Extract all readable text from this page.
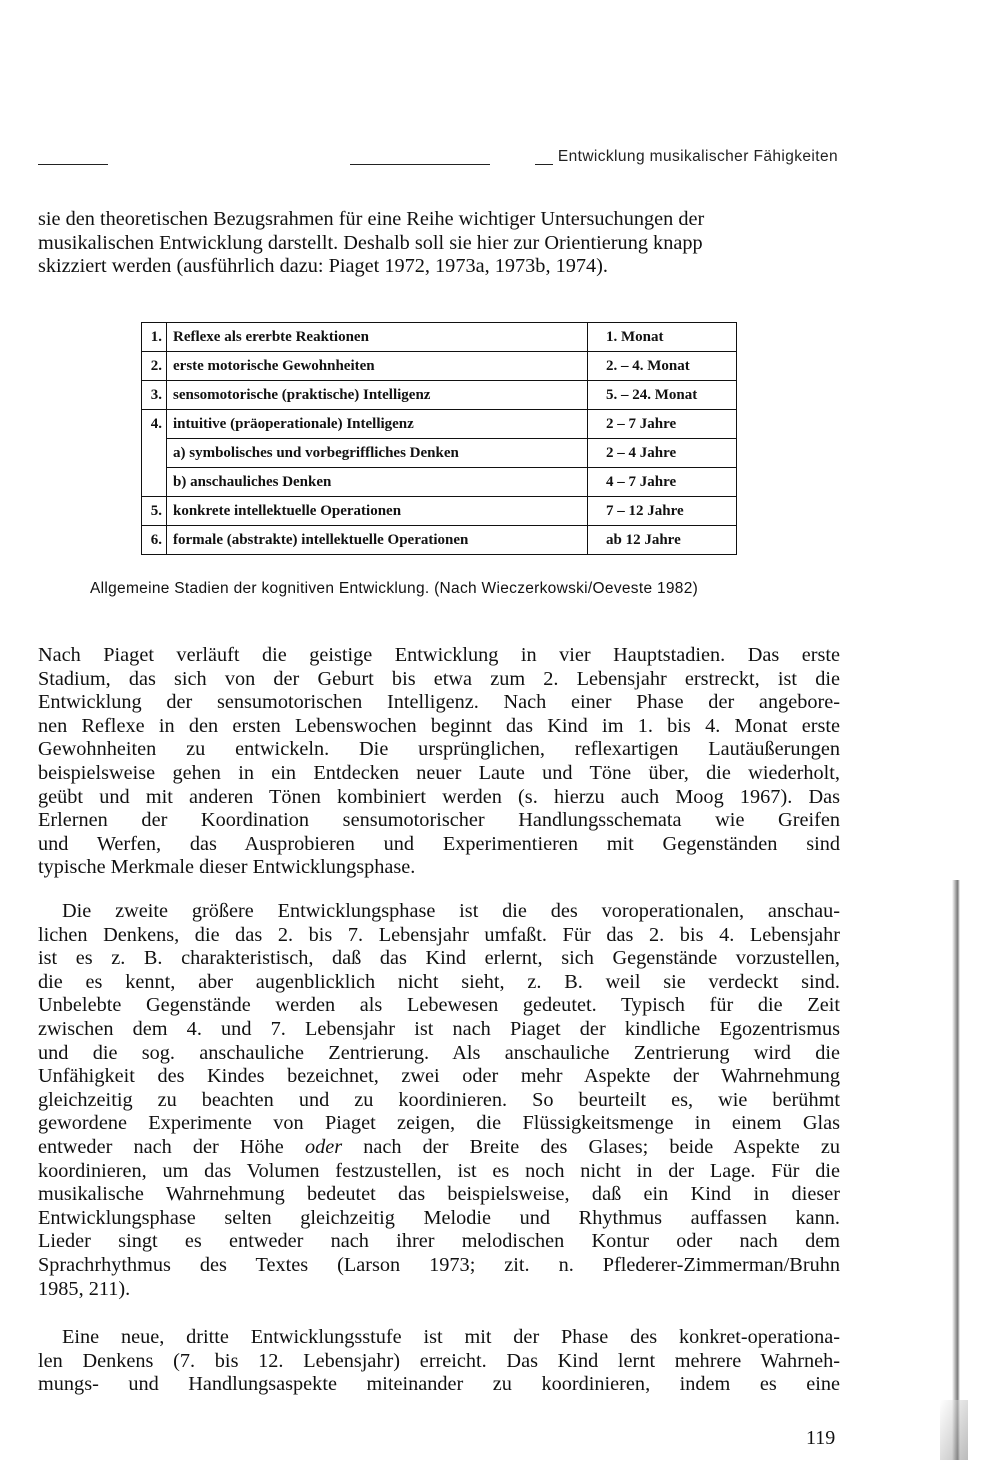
Entwicklung musikalischer Fähigkeiten
sie den theoretischen Bezugsrahmen für eine Reihe wichtiger Untersuchungen der
musikalischen Entwicklung darstellt. Deshalb soll sie hier zur Orientierung knapp
skizziert werden (ausführlich dazu: Piaget 1972, 1973a, 1973b, 1974).
1.	Reflexe als ererbte Reaktionen	1. Monat
2.	erste motorische Gewohnheiten	2. – 4. Monat
3.	sensomotorische (praktische) Intelligenz	5. – 24. Monat
4.	intuitive (präoperationale) Intelligenz	2 – 7 Jahre
	a) symbolisches und vorbegriffliches Denken	2 – 4 Jahre
	b) anschauliches Denken	4 – 7 Jahre
5.	konkrete intellektuelle Operationen	7 – 12 Jahre
6.	formale (abstrakte) intellektuelle Operationen	ab 12 Jahre
Allgemeine Stadien der kognitiven Entwicklung. (Nach Wieczerkowski/Oeveste 1982)
Nach Piaget verläuft die geistige Entwicklung in vier Hauptstadien. Das erste
Stadium, das sich von der Geburt bis etwa zum 2. Lebensjahr erstreckt, ist die
Entwicklung der sensumotorischen Intelligenz. Nach einer Phase der angebore-
nen Reflexe in den ersten Lebenswochen beginnt das Kind im 1. bis 4. Monat erste
Gewohnheiten zu entwickeln. Die ursprünglichen, reflexartigen Lautäußerungen
beispielsweise gehen in ein Entdecken neuer Laute und Töne über, die wiederholt,
geübt und mit anderen Tönen kombiniert werden (s. hierzu auch Moog 1967). Das
Erlernen der Koordination sensumotorischer Handlungsschemata wie Greifen
und Werfen, das Ausprobieren und Experimentieren mit Gegenständen sind
typische Merkmale dieser Entwicklungsphase.
Die zweite größere Entwicklungsphase ist die des voroperationalen, anschau-
lichen Denkens, die das 2. bis 7. Lebensjahr umfaßt. Für das 2. bis 4. Lebensjahr
ist es z. B. charakteristisch, daß das Kind erlernt, sich Gegenstände vorzustellen,
die es kennt, aber augenblicklich nicht sieht, z. B. weil sie verdeckt sind.
Unbelebte Gegenstände werden als Lebewesen gedeutet. Typisch für die Zeit
zwischen dem 4. und 7. Lebensjahr ist nach Piaget der kindliche Egozentrismus
und die sog. anschauliche Zentrierung. Als anschauliche Zentrierung wird die
Unfähigkeit des Kindes bezeichnet, zwei oder mehr Aspekte der Wahrnehmung
gleichzeitig zu beachten und zu koordinieren. So beurteilt es, wie berühmt
gewordene Experimente von Piaget zeigen, die Flüssigkeitsmenge in einem Glas
entweder nach der Höhe oder nach der Breite des Glases; beide Aspekte zu
koordinieren, um das Volumen festzustellen, ist es noch nicht in der Lage. Für die
musikalische Wahrnehmung bedeutet das beispielsweise, daß ein Kind in dieser
Entwicklungsphase selten gleichzeitig Melodie und Rhythmus auffassen kann.
Lieder singt es entweder nach ihrer melodischen Kontur oder nach dem
Sprachrhythmus des Textes (Larson 1973; zit. n. Pflederer-Zimmerman/Bruhn
1985, 211).
Eine neue, dritte Entwicklungsstufe ist mit der Phase des konkret-operationa-
len Denkens (7. bis 12. Lebensjahr) erreicht. Das Kind lernt mehrere Wahrneh-
mungs- und Handlungsaspekte miteinander zu koordinieren, indem es eine
119
